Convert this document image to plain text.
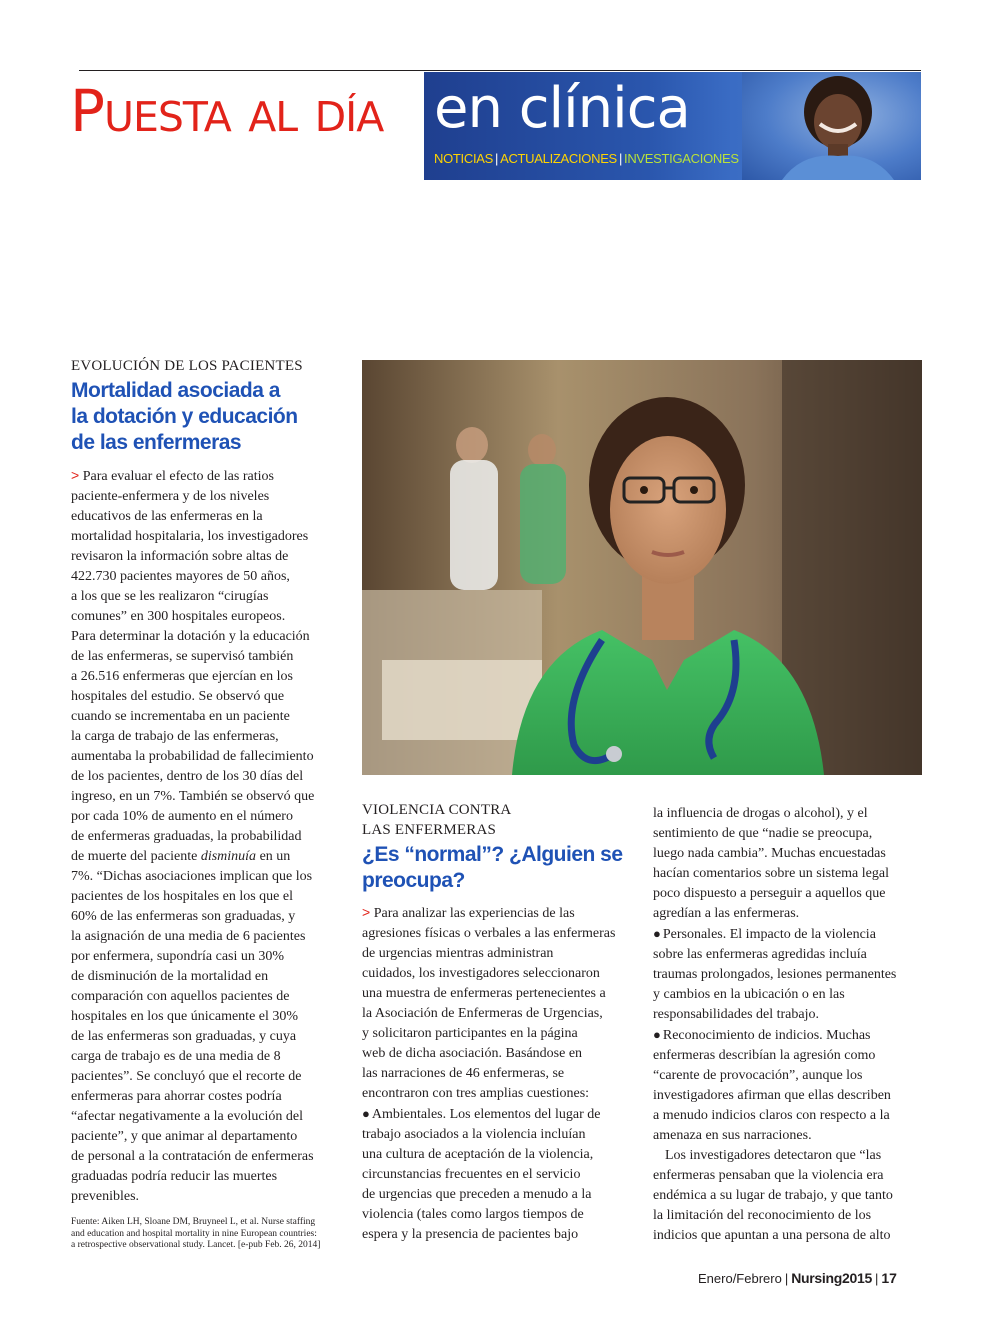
Puesta al día en clínica
NOTICIAS | ACTUALIZACIONES | INVESTIGACIONES
EVOLUCIÓN DE LOS PACIENTES
Mortalidad asociada a
la dotación y educación
de las enfermeras

> Para evaluar el efecto de las ratios

paciente-enfermera y de los niveles

educativos de las enfermeras en la

mortalidad hospitalaria, los investigadores

revisaron la información sobre altas de

422.730 pacientes mayores de 50 años,

a los que se les realizaron “cirugías

comunes” en 300 hospitales europeos.

Para determinar la dotación y la educación

de las enfermeras, se supervisó también

a 26.516 enfermeras que ejercían en los

hospitales del estudio. Se observó que

cuando se incrementaba en un paciente

la carga de trabajo de las enfermeras,

aumentaba la probabilidad de fallecimiento

de los pacientes, dentro de los 30 días del

ingreso, en un 7%. También se observó que

por cada 10% de aumento en el número

de enfermeras graduadas, la probabilidad

de muerte del paciente disminuía en un

7%. “Dichas asociaciones implican que los

pacientes de los hospitales en los que el

60% de las enfermeras son graduadas, y

la asignación de una media de 6 pacientes

por enfermera, supondría casi un 30%

de disminución de la mortalidad en

comparación con aquellos pacientes de

hospitales en los que únicamente el 30%

de las enfermeras son graduadas, y cuya

carga de trabajo es de una media de 8

pacientes”. Se concluyó que el recorte de

enfermeras para ahorrar costes podría

“afectar negativamente a la evolución del

paciente”, y que animar al departamento

de personal a la contratación de enfermeras

graduadas podría reducir las muertes

prevenibles.

Fuente: Aiken LH, Sloane DM, Bruyneel L, et al. Nurse staffing
and education and hospital mortality in nine European countries:
a retrospective observational study. Lancet. [e-pub Feb. 26, 2014]
VIOLENCIA CONTRA
LAS ENFERMERAS
¿Es “normal”? ¿Alguien se
preocupa?

> Para analizar las experiencias de las

agresiones físicas o verbales a las enfermeras

de urgencias mientras administran

cuidados, los investigadores seleccionaron

una muestra de enfermeras pertenecientes a

la Asociación de Enfermeras de Urgencias,

y solicitaron participantes en la página

web de dicha asociación. Basándose en

las narraciones de 46 enfermeras, se

encontraron con tres amplias cuestiones:

● Ambientales. Los elementos del lugar de

trabajo asociados a la violencia incluían

una cultura de aceptación de la violencia,

circunstancias frecuentes en el servicio

de urgencias que preceden a menudo a la

violencia (tales como largos tiempos de

espera y la presencia de pacientes bajo

la influencia de drogas o alcohol), y el

sentimiento de que “nadie se preocupa,

luego nada cambia”. Muchas encuestadas

hacían comentarios sobre un sistema legal

poco dispuesto a perseguir a aquellos que

agredían a las enfermeras.

● Personales. El impacto de la violencia

sobre las enfermeras agredidas incluía

traumas prolongados, lesiones permanentes

y cambios en la ubicación o en las

responsabilidades del trabajo.

● Reconocimiento de indicios. Muchas

enfermeras describían la agresión como

“carente de provocación”, aunque los

investigadores afirman que ellas describen

a menudo indicios claros con respecto a la

amenaza en sus narraciones.

Los investigadores detectaron que “las

enfermeras pensaban que la violencia era

endémica a su lugar de trabajo, y que tanto

la limitación del reconocimiento de los

indicios que apuntan a una persona de alto

Enero/Febrero | Nursing2015 | 17
